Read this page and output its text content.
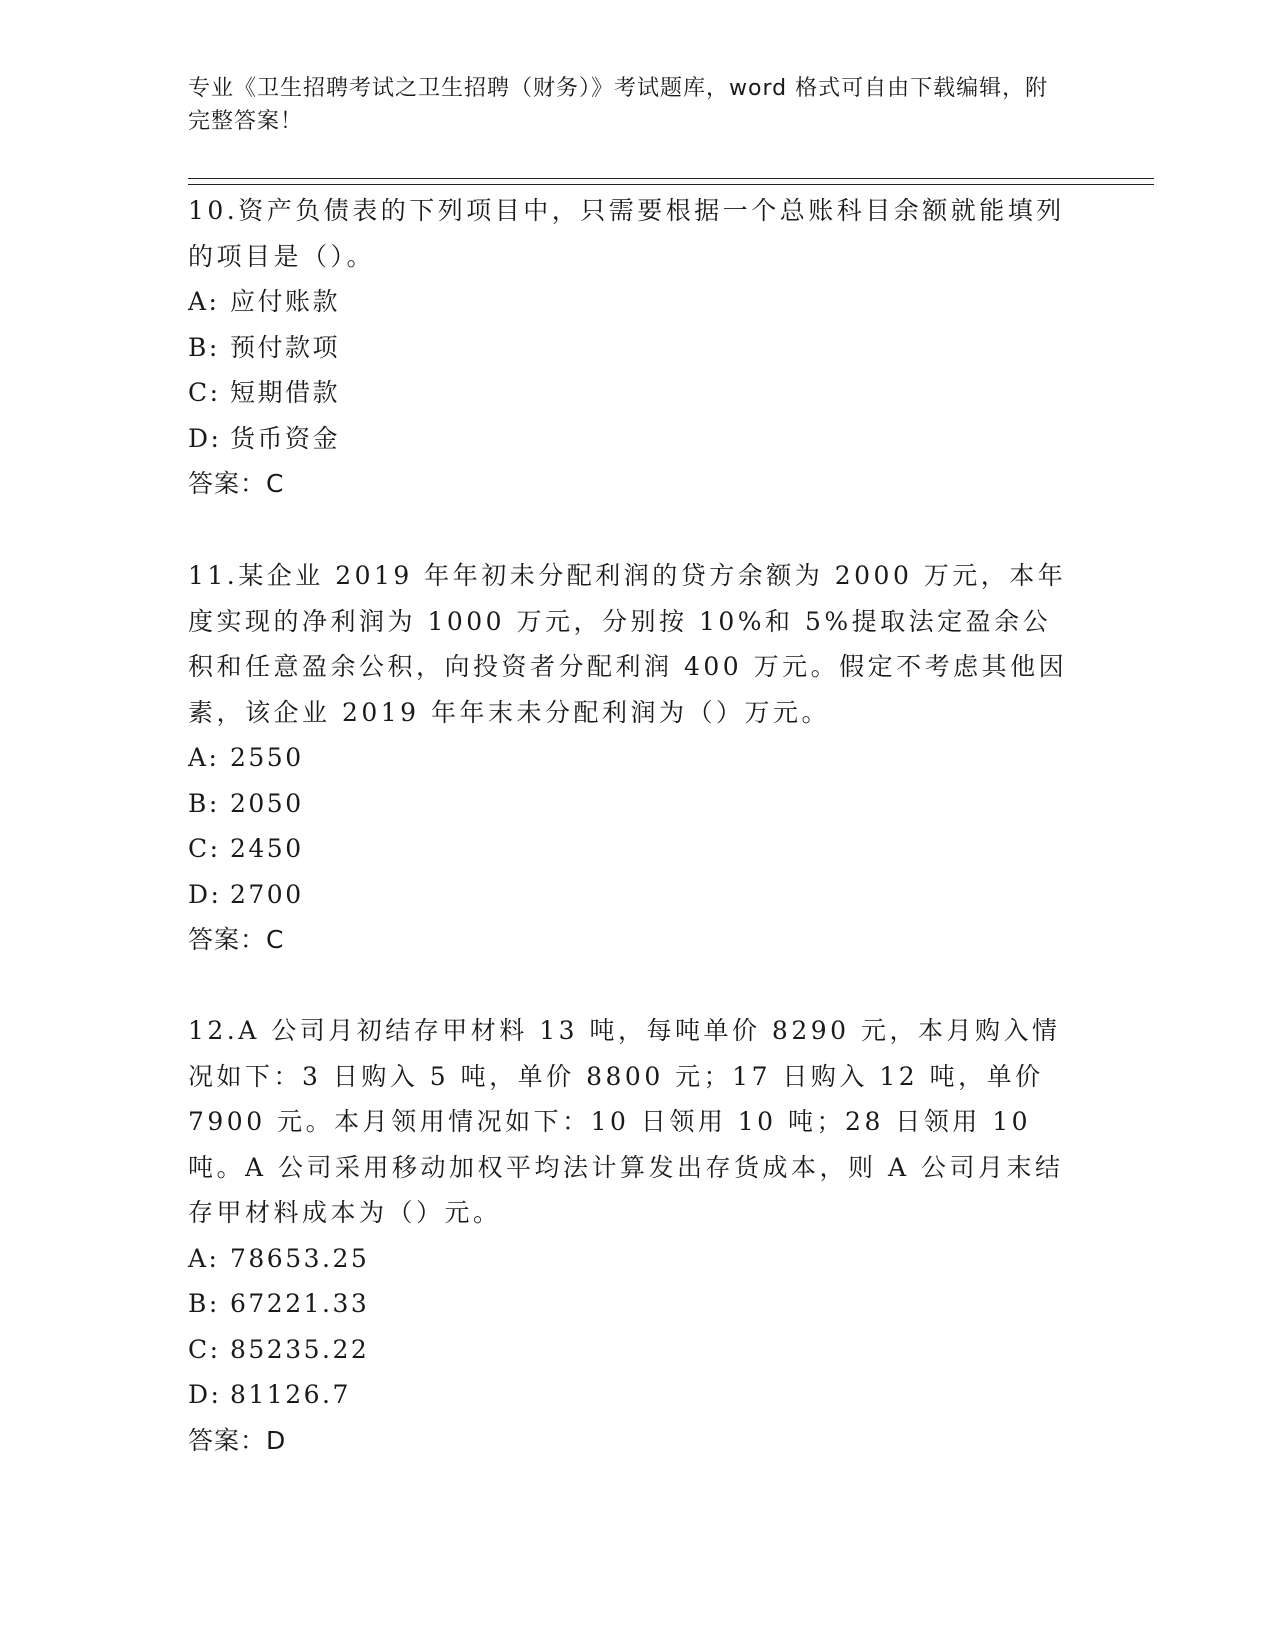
专业《卫生招聘考试之卫生招聘（财务）》考试题库，word 格式可自由下载编辑，附完整答案！

10.资产负债表的下列项目中，只需要根据一个总账科目余额就能填列的项目是（）。

A: 应付账款

B: 预付款项

C: 短期借款

D: 货币资金

答案：C

11.某企业 2019 年年初未分配利润的贷方余额为 2000 万元，本年度实现的净利润为 1000 万元，分别按 10%和 5%提取法定盈余公积和任意盈余公积，向投资者分配利润 400 万元。假定不考虑其他因素，该企业 2019 年年末未分配利润为（）万元。

A: 2550

B: 2050

C: 2450

D: 2700

答案：C

12.A 公司月初结存甲材料 13 吨，每吨单价 8290 元，本月购入情况如下：3 日购入 5 吨，单价 8800 元；17 日购入 12 吨，单价 7900 元。本月领用情况如下：10 日领用 10 吨；28 日领用 10 吨。A 公司采用移动加权平均法计算发出存货成本，则 A 公司月末结存甲材料成本为（）元。

A: 78653.25

B: 67221.33

C: 85235.22

D: 81126.7

答案：D
